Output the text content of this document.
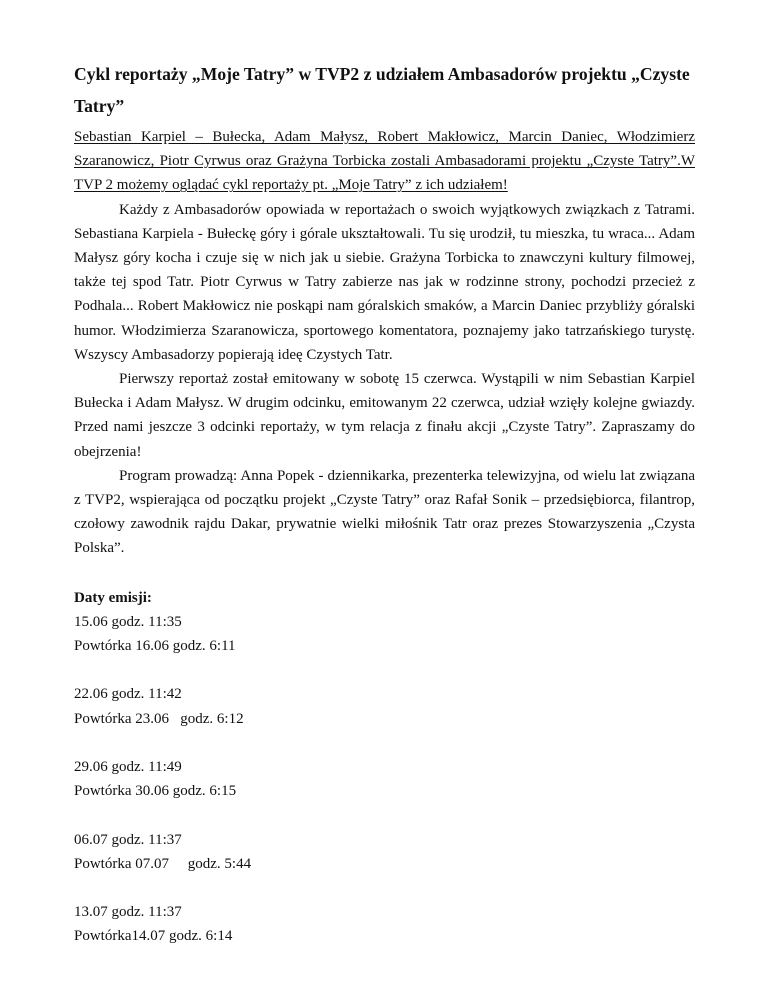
Cykl reportaży „Moje Tatry” w TVP2 z udziałem Ambasadorów projektu „Czyste Tatry”

Sebastian Karpiel – Bułecka, Adam Małysz, Robert Makłowicz, Marcin Daniec, Włodzimierz Szaranowicz, Piotr Cyrwus oraz Grażyna Torbicka zostali Ambasadorami projektu „Czyste Tatry”.W TVP 2 możemy oglądać cykl reportaży pt. „Moje Tatry” z ich udziałem!

Każdy z Ambasadorów opowiada w reportażach o swoich wyjątkowych związkach z Tatrami. Sebastiana Karpiela - Bułeckę góry i górale ukształtowali. Tu się urodził, tu mieszka, tu wraca... Adam Małysz góry kocha i czuje się w nich jak u siebie. Grażyna Torbicka to znawczyni kultury filmowej, także tej spod Tatr. Piotr Cyrwus w Tatry zabierze nas jak w rodzinne strony, pochodzi przecież z Podhala... Robert Makłowicz nie poskąpi nam góralskich smaków, a Marcin Daniec przybliży góralski humor. Włodzimierza Szaranowicza, sportowego komentatora, poznajemy jako tatrzańskiego turystę. Wszyscy Ambasadorzy popierają ideę Czystych Tatr.

Pierwszy reportaż został emitowany w sobotę 15 czerwca. Wystąpili w nim Sebastian Karpiel Bułecka i Adam Małysz. W drugim odcinku, emitowanym 22 czerwca, udział wzięły kolejne gwiazdy. Przed nami jeszcze 3 odcinki reportaży, w tym relacja z finału akcji „Czyste Tatry”. Zapraszamy do obejrzenia!

Program prowadzą: Anna Popek - dziennikarka, prezenterka telewizyjna, od wielu lat związana z TVP2, wspierająca od początku projekt „Czyste Tatry” oraz Rafał Sonik – przedsiębiorca, filantrop, czołowy zawodnik rajdu Dakar, prywatnie wielki miłośnik Tatr oraz prezes Stowarzyszenia „Czysta Polska”.

Daty emisji:
15.06 godz. 11:35
Powtórka 16.06 godz. 6:11
22.06 godz. 11:42
Powtórka 23.06   godz. 6:12
29.06 godz. 11:49
Powtórka 30.06 godz. 6:15
06.07 godz. 11:37
Powtórka 07.07     godz. 5:44
13.07 godz. 11:37
Powtórka14.07 godz. 6:14
